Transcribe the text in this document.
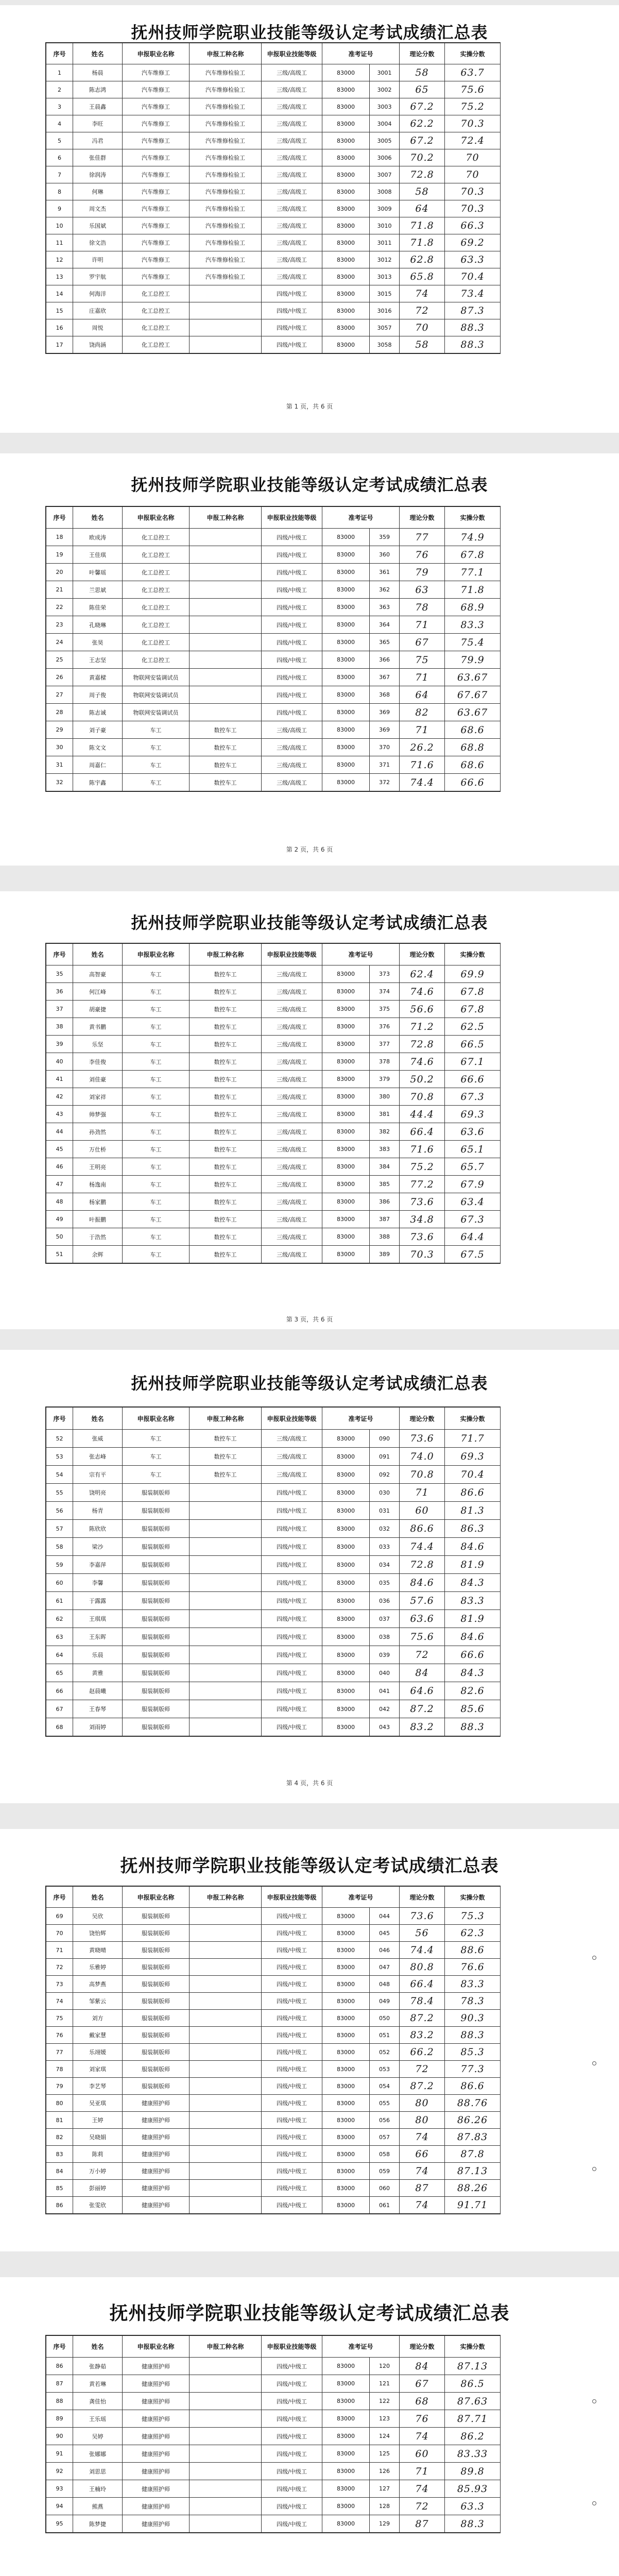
抚州技师学院职业技能等级认定考试成绩汇总表
序号	姓名	申报职业名称	申报工种名称	申报职业技能等级	准考证号		理论分数	实操分数
1	杨晨	汽车维修工	汽车维修检验工	三级/高级工	83000	3001	58	63.7
2	陈志鸿	汽车维修工	汽车维修检验工	三级/高级工	83000	3002	65	75.6
3	王晨鑫	汽车维修工	汽车维修检验工	三级/高级工	83000	3003	67.2	75.2
4	李旺	汽车维修工	汽车维修检验工	三级/高级工	83000	3004	62.2	70.3
5	冯君	汽车维修工	汽车维修检验工	三级/高级工	83000	3005	67.2	72.4
6	张佳群	汽车维修工	汽车维修检验工	三级/高级工	83000	3006	70.2	70
7	徐润涛	汽车维修工	汽车维修检验工	三级/高级工	83000	3007	72.8	70
8	何琳	汽车维修工	汽车维修检验工	三级/高级工	83000	3008	58	70.3
9	周文杰	汽车维修工	汽车维修检验工	三级/高级工	83000	3009	64	70.3
10	乐国斌	汽车维修工	汽车维修检验工	三级/高级工	83000	3010	71.8	66.3
11	徐文浩	汽车维修工	汽车维修检验工	三级/高级工	83000	3011	71.8	69.2
12	许明	汽车维修工	汽车维修检验工	三级/高级工	83000	3012	62.8	63.3
13	罗宇航	汽车维修工	汽车维修检验工	三级/高级工	83000	3013	65.8	70.4
14	何海洋	化工总控工		四级/中级工	83000	3015	74	73.4
15	庄嘉欣	化工总控工		四级/中级工	83000	3016	72	87.3
16	周悦	化工总控工		四级/中级工	83000	3057	70	88.3
17	饶尚涵	化工总控工		四级/中级工	83000	3058	58	88.3
第 1 页，共 6 页
抚州技师学院职业技能等级认定考试成绩汇总表
序号	姓名	申报职业名称	申报工种名称	申报职业技能等级	准考证号		理论分数	实操分数
18	欧成涛	化工总控工		四级/中级工	83000	359	77	74.9
19	王佳琪	化工总控工		四级/中级工	83000	360	76	67.8
20	叶馨瑶	化工总控工		四级/中级工	83000	361	79	77.1
21	兰思斌	化工总控工		四级/中级工	83000	362	63	71.8
22	陈佳荣	化工总控工		四级/中级工	83000	363	78	68.9
23	孔晓琳	化工总控工		四级/中级工	83000	364	71	83.3
24	张昊	化工总控工		四级/中级工	83000	365	67	75.4
25	王志坚	化工总控工		四级/中级工	83000	366	75	79.9
26	黄嘉樑	物联网安装调试员		四级/中级工	83000	367	71	63.67
27	周子俊	物联网安装调试员		四级/中级工	83000	368	64	67.67
28	陈志诚	物联网安装调试员		四级/中级工	83000	369	82	63.67
29	刘子豪	车工	数控车工	三级/高级工	83000	369	71	68.6
30	陈文文	车工	数控车工	三级/高级工	83000	370	26.2	68.8
31	周嘉仁	车工	数控车工	三级/高级工	83000	371	71.6	68.6
32	陈宇鑫	车工	数控车工	三级/高级工	83000	372	74.4	66.6
第 2 页，共 6 页
抚州技师学院职业技能等级认定考试成绩汇总表
序号	姓名	申报职业名称	申报工种名称	申报职业技能等级	准考证号		理论分数	实操分数
35	高智豪	车工	数控车工	三级/高级工	83000	373	62.4	69.9
36	何江峰	车工	数控车工	三级/高级工	83000	374	74.6	67.8
37	胡豪捷	车工	数控车工	三级/高级工	83000	375	56.6	67.8
38	黄书鹏	车工	数控车工	三级/高级工	83000	376	71.2	62.5
39	乐坚	车工	数控车工	三级/高级工	83000	377	72.8	66.5
40	李佳俊	车工	数控车工	三级/高级工	83000	378	74.6	67.1
41	刘佳豪	车工	数控车工	三级/高级工	83000	379	50.2	66.6
42	刘家祥	车工	数控车工	三级/高级工	83000	380	70.8	67.3
43	帅梦强	车工	数控车工	三级/高级工	83000	381	44.4	69.3
44	孙劲然	车工	数控车工	三级/高级工	83000	382	66.4	63.6
45	万仕桥	车工	数控车工	三级/高级工	83000	383	71.6	65.1
46	王明亮	车工	数控车工	三级/高级工	83000	384	75.2	65.7
47	杨逸南	车工	数控车工	三级/高级工	83000	385	77.2	67.9
48	杨家鹏	车工	数控车工	三级/高级工	83000	386	73.6	63.4
49	叶振鹏	车工	数控车工	三级/高级工	83000	387	34.8	67.3
50	于浩然	车工	数控车工	三级/高级工	83000	388	73.6	64.4
51	余辉	车工	数控车工	三级/高级工	83000	389	70.3	67.5
第 3 页，共 6 页
抚州技师学院职业技能等级认定考试成绩汇总表
序号	姓名	申报职业名称	申报工种名称	申报职业技能等级	准考证号		理论分数	实操分数
52	张威	车工	数控车工	三级/高级工	83000	090	73.6	71.7
53	张志峰	车工	数控车工	三级/高级工	83000	091	74.0	69.3
54	宗有平	车工	数控车工	三级/高级工	83000	092	70.8	70.4
55	饶明亮	服装制版师		四级/中级工	83000	030	71	86.6
56	杨青	服装制版师		四级/中级工	83000	031	60	81.3
57	陈欣欣	服装制版师		四级/中级工	83000	032	86.6	86.3
58	梁沙	服装制版师		四级/中级工	83000	033	74.4	84.6
59	李嘉萍	服装制版师		四级/中级工	83000	034	72.8	81.9
60	李馨	服装制版师		四级/中级工	83000	035	84.6	84.3
61	于露露	服装制版师		四级/中级工	83000	036	57.6	83.3
62	王琪琪	服装制版师		四级/中级工	83000	037	63.6	81.9
63	王东晖	服装制版师		四级/中级工	83000	038	75.6	84.6
64	乐晨	服装制版师		四级/中级工	83000	039	72	66.6
65	黄雅	服装制版师		四级/中级工	83000	040	84	84.3
66	赵晨曦	服装制版师		四级/中级工	83000	041	64.6	82.6
67	王春琴	服装制版师		四级/中级工	83000	042	87.2	85.6
68	刘雨婷	服装制版师		四级/中级工	83000	043	83.2	88.3
第 4 页，共 6 页
抚州技师学院职业技能等级认定考试成绩汇总表
序号	姓名	申报职业名称	申报工种名称	申报职业技能等级	准考证号		理论分数	实操分数
69	吴欣	服装制版师		四级/中级工	83000	044	73.6	75.3
70	饶怡辉	服装制版师		四级/中级工	83000	045	56	62.3
71	黄晓晴	服装制版师		四级/中级工	83000	046	74.4	88.6
72	乐雅婷	服装制版师		四级/中级工	83000	047	80.8	76.6
73	高梦燕	服装制版师		四级/中级工	83000	048	66.4	83.3
74	邹紫云	服装制版师		四级/中级工	83000	049	78.4	78.3
75	刘方	服装制版师		四级/中级工	83000	050	87.2	90.3
76	戴家慧	服装制版师		四级/中级工	83000	051	83.2	88.3
77	乐翊媛	服装制版师		四级/中级工	83000	052	66.2	85.3
78	刘家琪	服装制版师		四级/中级工	83000	053	72	77.3
79	李艺琴	服装制版师		四级/中级工	83000	054	87.2	86.6
80	吴亚琪	健康照护师		四级/中级工	83000	055	80	88.76
81	王婷	健康照护师		四级/中级工	83000	056	80	86.26
82	吴晓娟	健康照护师		四级/中级工	83000	057	74	87.83
83	陈莉	健康照护师		四级/中级工	83000	058	66	87.8
84	万小婷	健康照护师		四级/中级工	83000	059	74	87.13
85	彭丽婷	健康照护师		四级/中级工	83000	060	87	88.26
86	张雯欣	健康照护师		四级/中级工	83000	061	74	91.71
抚州技师学院职业技能等级认定考试成绩汇总表
序号	姓名	申报职业名称	申报工种名称	申报职业技能等级	准考证号		理论分数	实操分数
86	张静茹	健康照护师		四级/中级工	83000	120	84	87.13
87	黄若琳	健康照护师		四级/中级工	83000	121	67	86.5
88	龚佳怡	健康照护师		四级/中级工	83000	122	68	87.63
89	王乐瑶	健康照护师		四级/中级工	83000	123	76	87.71
90	吴婷	健康照护师		四级/中级工	83000	124	74	86.2
91	张娜娜	健康照护师		四级/中级工	83000	125	60	83.33
92	刘思思	健康照护师		四级/中级工	83000	126	71	89.8
93	王楠玲	健康照护师		四级/中级工	83000	127	74	85.93
94	熊燕	健康照护师		四级/中级工	83000	128	72	63.3
95	陈梦捷	健康照护师		四级/中级工	83000	129	87	88.3
